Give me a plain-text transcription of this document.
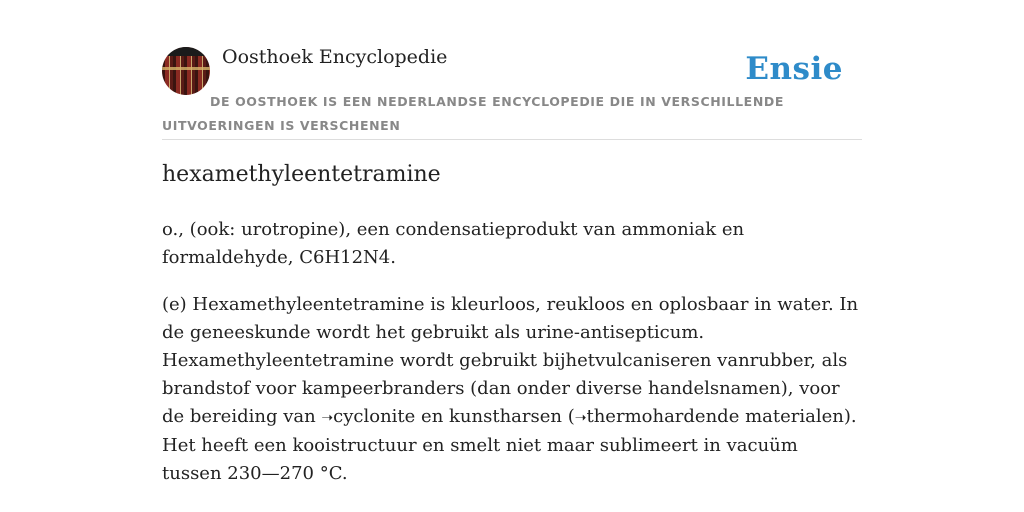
Oosthoek Encyclopedie	Ensie
DE OOSTHOEK IS EEN NEDERLANDSE ENCYCLOPEDIE DIE IN VERSCHILLENDE UITVOERINGEN IS VERSCHENEN
hexamethyleentetramine

o., (ook: urotropine), een condensatieprodukt van ammoniak en formaldehyde, C6H12N4.

(e) Hexamethyleentetramine is kleurloos, reukloos en oplosbaar in water. In de geneeskunde wordt het gebruikt als urine-antisepticum. Hexamethyleentetramine wordt gebruikt bijhetvulcaniseren vanrubber, als brandstof voor kampeerbranders (dan onder diverse handelsnamen), voor de bereiding van ➝cyclonite en kunstharsen (➝thermohardende materialen). Het heeft een kooistructuur en smelt niet maar sublimeert in vacuüm tussen 230—270 °C.
